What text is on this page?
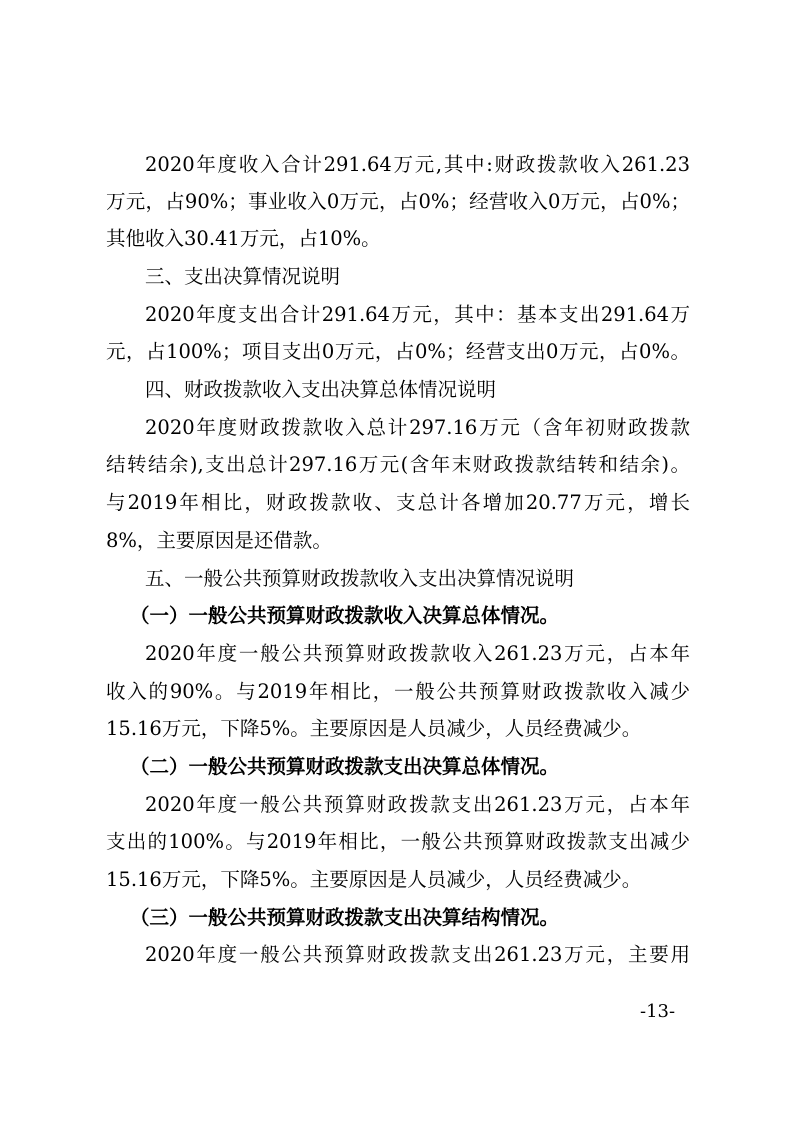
2020年度收入合计291.64万元,其中:财政拨款收入261.23
万元，占90%；事业收入0万元，占0%；经营收入0万元，占0%；
其他收入30.41万元，占10%。
三、支出决算情况说明
2020年度支出合计291.64万元，其中：基本支出291.64万
元，占100%；项目支出0万元，占0%；经营支出0万元，占0%。
四、财政拨款收入支出决算总体情况说明
2020年度财政拨款收入总计297.16万元（含年初财政拨款
结转结余),支出总计297.16万元(含年末财政拨款结转和结余)。
与2019年相比，财政拨款收、支总计各增加20.77万元，增长
8%，主要原因是还借款。
五、一般公共预算财政拨款收入支出决算情况说明
（一）一般公共预算财政拨款收入决算总体情况。
2020年度一般公共预算财政拨款收入261.23万元，占本年
收入的90%。与2019年相比，一般公共预算财政拨款收入减少
15.16万元，下降5%。主要原因是人员减少，人员经费减少。
（二）一般公共预算财政拨款支出决算总体情况。
2020年度一般公共预算财政拨款支出261.23万元，占本年
支出的100%。与2019年相比，一般公共预算财政拨款支出减少
15.16万元，下降5%。主要原因是人员减少，人员经费减少。
（三）一般公共预算财政拨款支出决算结构情况。
2020年度一般公共预算财政拨款支出261.23万元，主要用
-13-
